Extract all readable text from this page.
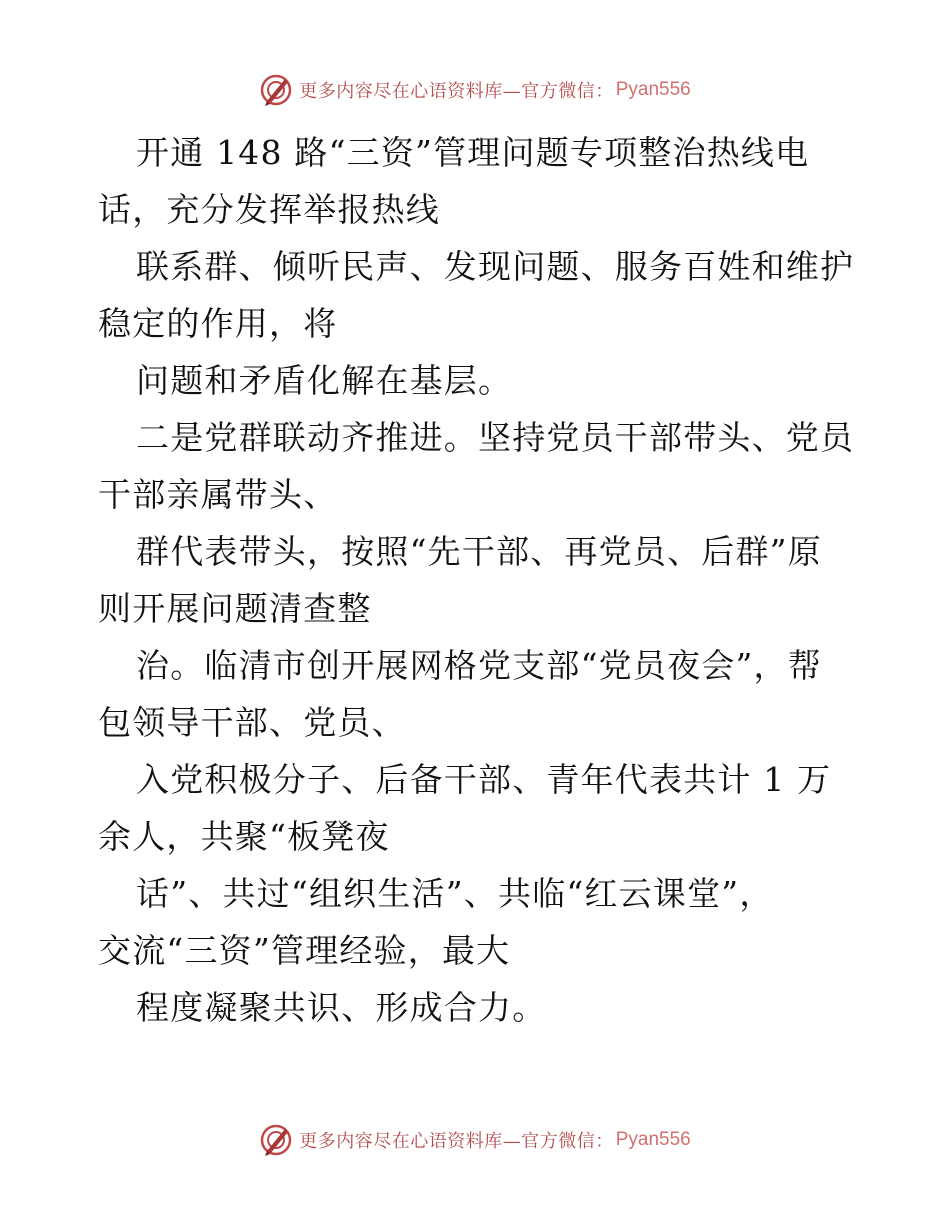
更多内容尽在心语资料库—官方微信： Pyan556
开通 148 路“三资”管理问题专项整治热线电
话，充分发挥举报热线
联系群、倾听民声、发现问题、服务百姓和维护
稳定的作用，将
问题和矛盾化解在基层。
二是党群联动齐推进。坚持党员干部带头、党员
干部亲属带头、
群代表带头，按照“先干部、再党员、后群”原
则开展问题清查整
治。临清市创开展网格党支部“党员夜会”，帮
包领导干部、党员、
入党积极分子、后备干部、青年代表共计 1 万
余人，共聚“板凳夜
话”、共过“组织生活”、共临“红云课堂”，
交流“三资”管理经验，最大
程度凝聚共识、形成合力。
更多内容尽在心语资料库—官方微信： Pyan556
